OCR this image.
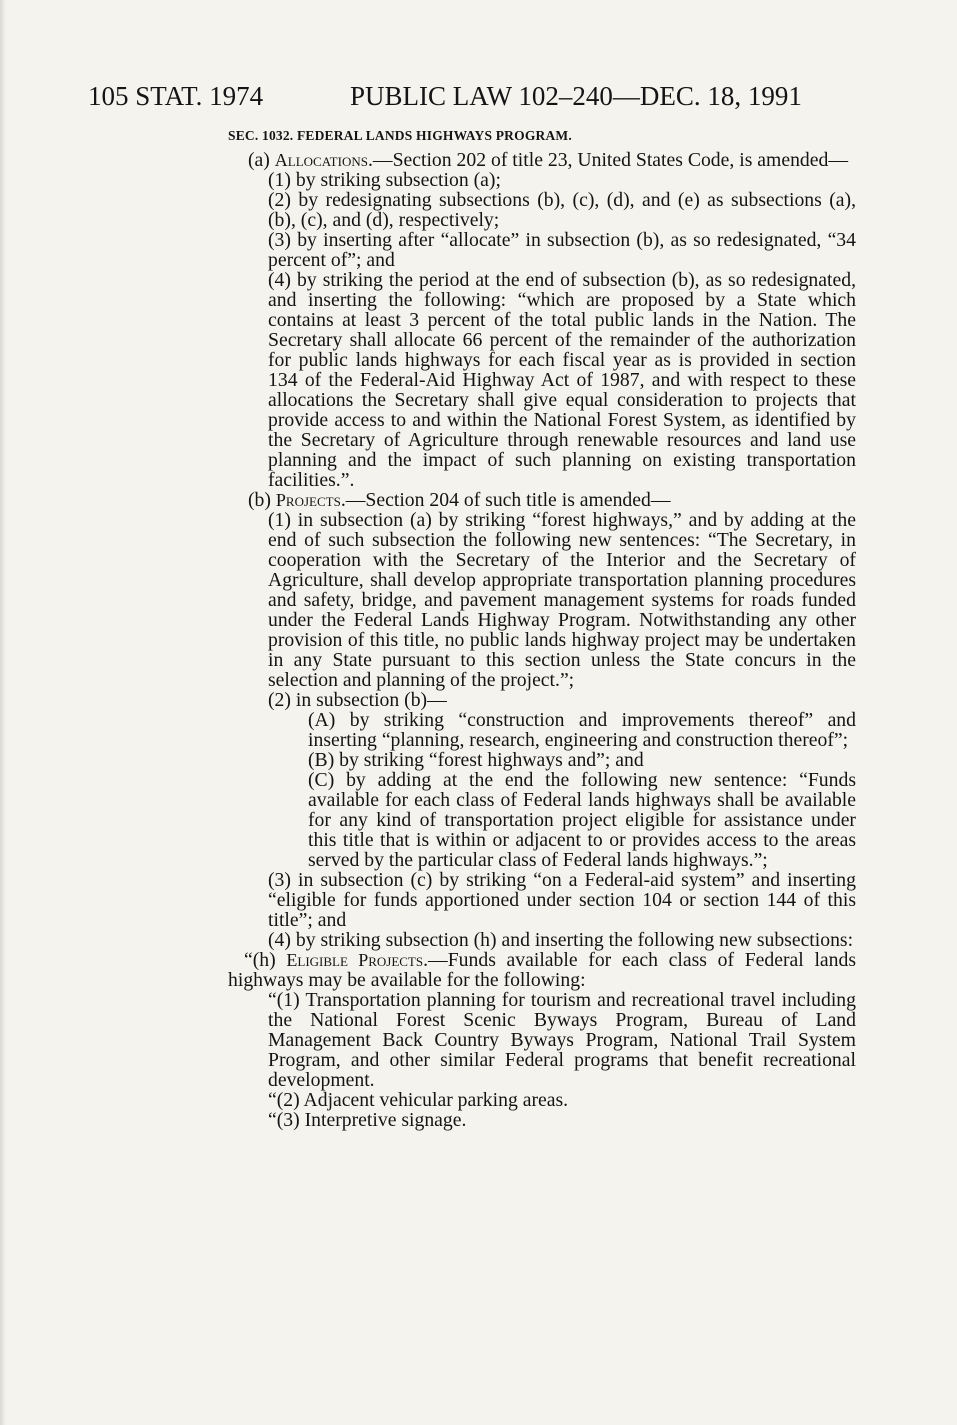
105 STAT. 1974	PUBLIC LAW 102–240—DEC. 18, 1991
SEC. 1032. FEDERAL LANDS HIGHWAYS PROGRAM.

(a) Allocations.—Section 202 of title 23, United States Code, is amended—

(1) by striking subsection (a);

(2) by redesignating subsections (b), (c), (d), and (e) as subsections (a), (b), (c), and (d), respectively;

(3) by inserting after “allocate” in subsection (b), as so redesignated, “34 percent of”; and

(4) by striking the period at the end of subsection (b), as so redesignated, and inserting the following: “which are proposed by a State which contains at least 3 percent of the total public lands in the Nation. The Secretary shall allocate 66 percent of the remainder of the authorization for public lands highways for each fiscal year as is provided in section 134 of the Federal-Aid Highway Act of 1987, and with respect to these allocations the Secretary shall give equal consideration to projects that provide access to and within the National Forest System, as identified by the Secretary of Agriculture through renewable resources and land use planning and the impact of such planning on existing transportation facilities.”.

(b) Projects.—Section 204 of such title is amended—

(1) in subsection (a) by striking “forest highways,” and by adding at the end of such subsection the following new sentences: “The Secretary, in cooperation with the Secretary of the Interior and the Secretary of Agriculture, shall develop appropriate transportation planning procedures and safety, bridge, and pavement management systems for roads funded under the Federal Lands Highway Program. Notwithstanding any other provision of this title, no public lands highway project may be undertaken in any State pursuant to this section unless the State concurs in the selection and planning of the project.”;

(2) in subsection (b)—

(A) by striking “construction and improvements thereof” and inserting “planning, research, engineering and construction thereof”;

(B) by striking “forest highways and”; and

(C) by adding at the end the following new sentence: “Funds available for each class of Federal lands highways shall be available for any kind of transportation project eligible for assistance under this title that is within or adjacent to or provides access to the areas served by the particular class of Federal lands highways.”;

(3) in subsection (c) by striking “on a Federal-aid system” and inserting “eligible for funds apportioned under section 104 or section 144 of this title”; and

(4) by striking subsection (h) and inserting the following new subsections:

“(h) Eligible Projects.—Funds available for each class of Federal lands highways may be available for the following:

“(1) Transportation planning for tourism and recreational travel including the National Forest Scenic Byways Program, Bureau of Land Management Back Country Byways Program, National Trail System Program, and other similar Federal programs that benefit recreational development.

“(2) Adjacent vehicular parking areas.

“(3) Interpretive signage.
